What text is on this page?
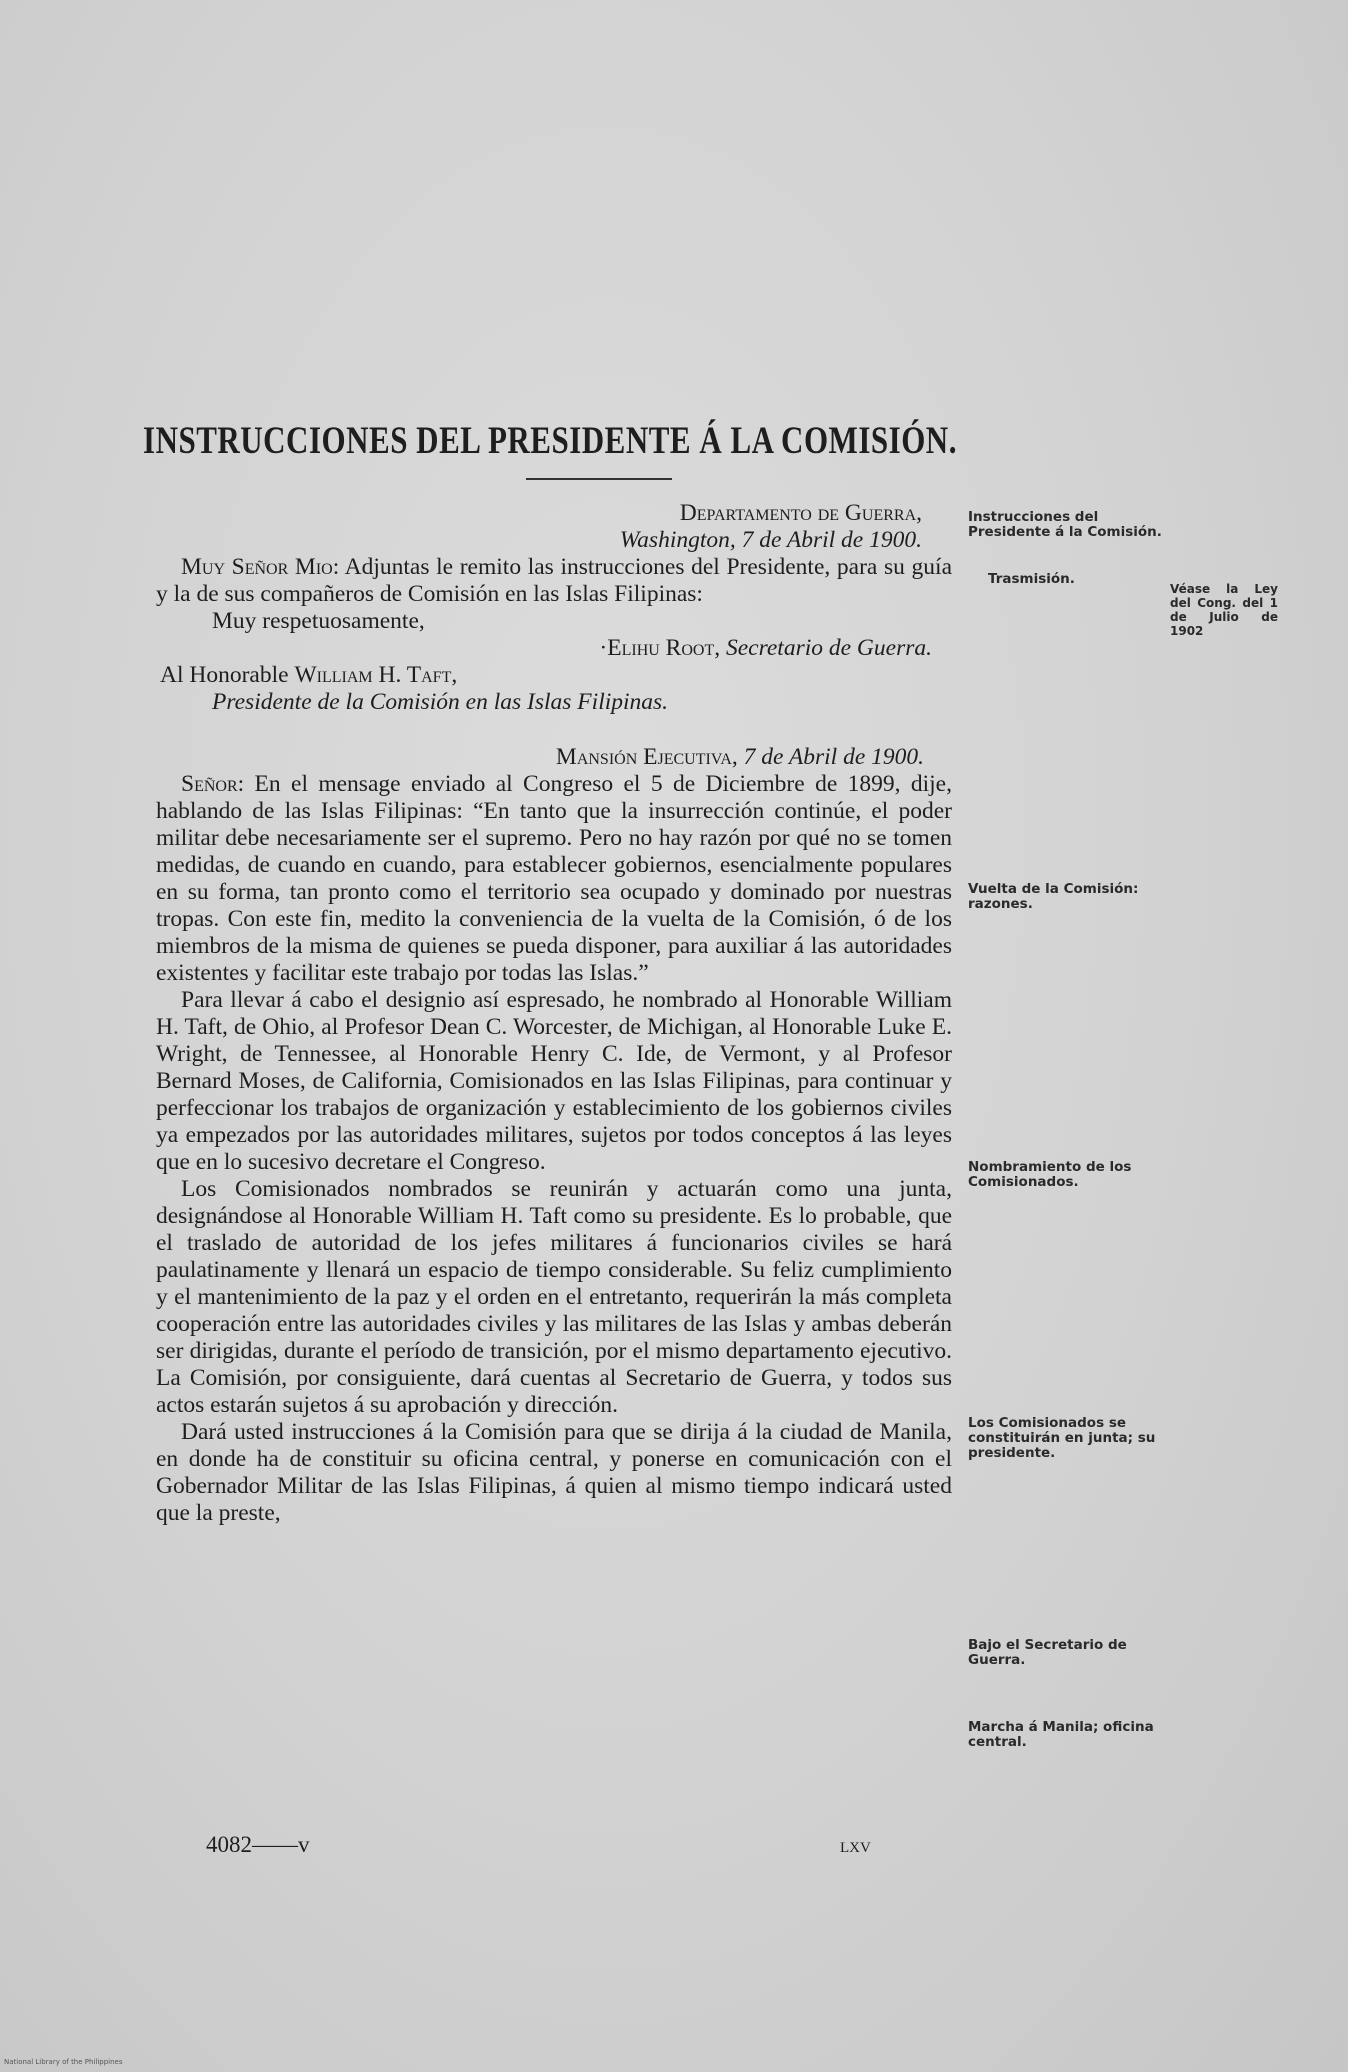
INSTRUCCIONES DEL PRESIDENTE Á LA COMISIÓN.

Departamento de Guerra,

Washington, 7 de Abril de 1900.

Muy Señor Mio: Adjuntas le remito las instrucciones del Presidente, para su guía y la de sus compañeros de Comisión en las Islas Filipinas:

Muy respetuosamente,

·Elihu Root, Secretario de Guerra.

Al Honorable William H. Taft,

Presidente de la Comisión en las Islas Filipinas.

Mansión Ejecutiva, 7 de Abril de 1900.

Señor: En el mensage enviado al Congreso el 5 de Diciembre de 1899, dije, hablando de las Islas Filipinas: “En tanto que la insurrección continúe, el poder militar debe necesariamente ser el supremo. Pero no hay razón por qué no se tomen medidas, de cuando en cuando, para establecer gobiernos, esencialmente populares en su forma, tan pronto como el territorio sea ocupado y dominado por nuestras tropas. Con este fin, medito la conveniencia de la vuelta de la Comisión, ó de los miembros de la misma de quienes se pueda disponer, para auxiliar á las autoridades existentes y facilitar este trabajo por todas las Islas.”

Para llevar á cabo el designio así espresado, he nombrado al Honorable William H. Taft, de Ohio, al Profesor Dean C. Worcester, de Michigan, al Honorable Luke E. Wright, de Tennessee, al Honorable Henry C. Ide, de Vermont, y al Profesor Bernard Moses, de California, Comisionados en las Islas Filipinas, para continuar y perfeccionar los trabajos de organización y establecimiento de los gobiernos civiles ya empezados por las autoridades militares, sujetos por todos conceptos á las leyes que en lo sucesivo decretare el Congreso.

Los Comisionados nombrados se reunirán y actuarán como una junta, designándose al Honorable William H. Taft como su presidente. Es lo probable, que el traslado de autoridad de los jefes militares á funcionarios civiles se hará paulatinamente y llenará un espacio de tiempo considerable. Su feliz cumplimiento y el mantenimiento de la paz y el orden en el entretanto, requerirán la más completa cooperación entre las autoridades civiles y las militares de las Islas y ambas deberán ser dirigidas, durante el período de transición, por el mismo departamento ejecutivo. La Comisión, por consiguiente, dará cuentas al Secretario de Guerra, y todos sus actos estarán sujetos á su aprobación y dirección.

Dará usted instrucciones á la Comisión para que se dirija á la ciudad de Manila, en donde ha de constituir su oficina central, y ponerse en comunicación con el Gobernador Militar de las Islas Filipinas, á quien al mismo tiempo indicará usted que la preste,

Instrucciones del Presidente á la Comisión.
Trasmisión.
Véase la Ley del Cong. del 1 de Julio de 1902
Vuelta de la Comisión: razones.
Nombramiento de los Comisionados.
Los Comisionados se constituirán en junta; su presidente.
Bajo el Secretario de Guerra.
Marcha á Manila; oficina central.
4082——v	LXV
National Library of the Philippines
